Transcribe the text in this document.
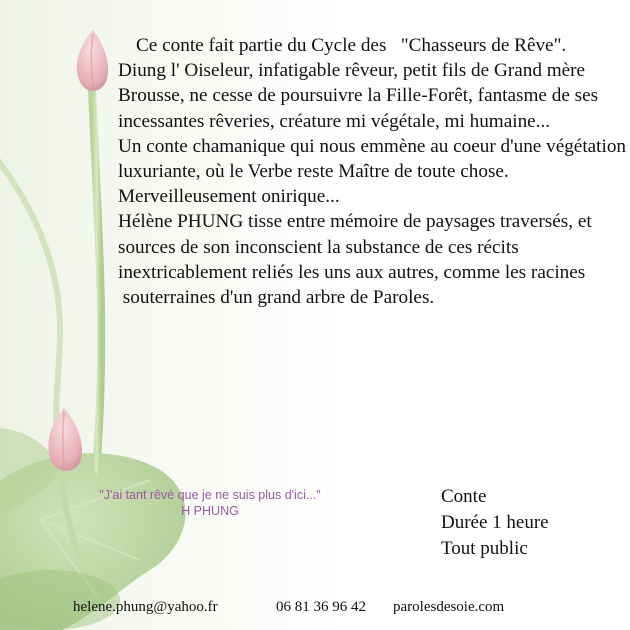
Ce conte fait partie du Cycle des   "Chasseurs de Rêve".

Diung l' Oiseleur, infatigable rêveur, petit fils de Grand mère Brousse, ne cesse de poursuivre la Fille-Forêt, fantasme de ses incessantes rêveries, créature mi végétale, mi humaine...

Un conte chamanique qui nous emmène au coeur d'une végétation luxuriante, où le Verbe reste Maître de toute chose.

Merveilleusement onirique...

Hélène PHUNG tisse entre mémoire de paysages traversés, et sources de son inconscient la substance de ces récits inextricablement reliés les uns aux autres, comme les racines  souterraines d'un grand arbre de Paroles.

"J'ai tant rêvé que je ne suis plus d'ici..."
H PHUNG
Conte
Durée 1 heure
Tout public
helene.phung@yahoo.fr	06 81 36 96 42 parolesdesoie.com
